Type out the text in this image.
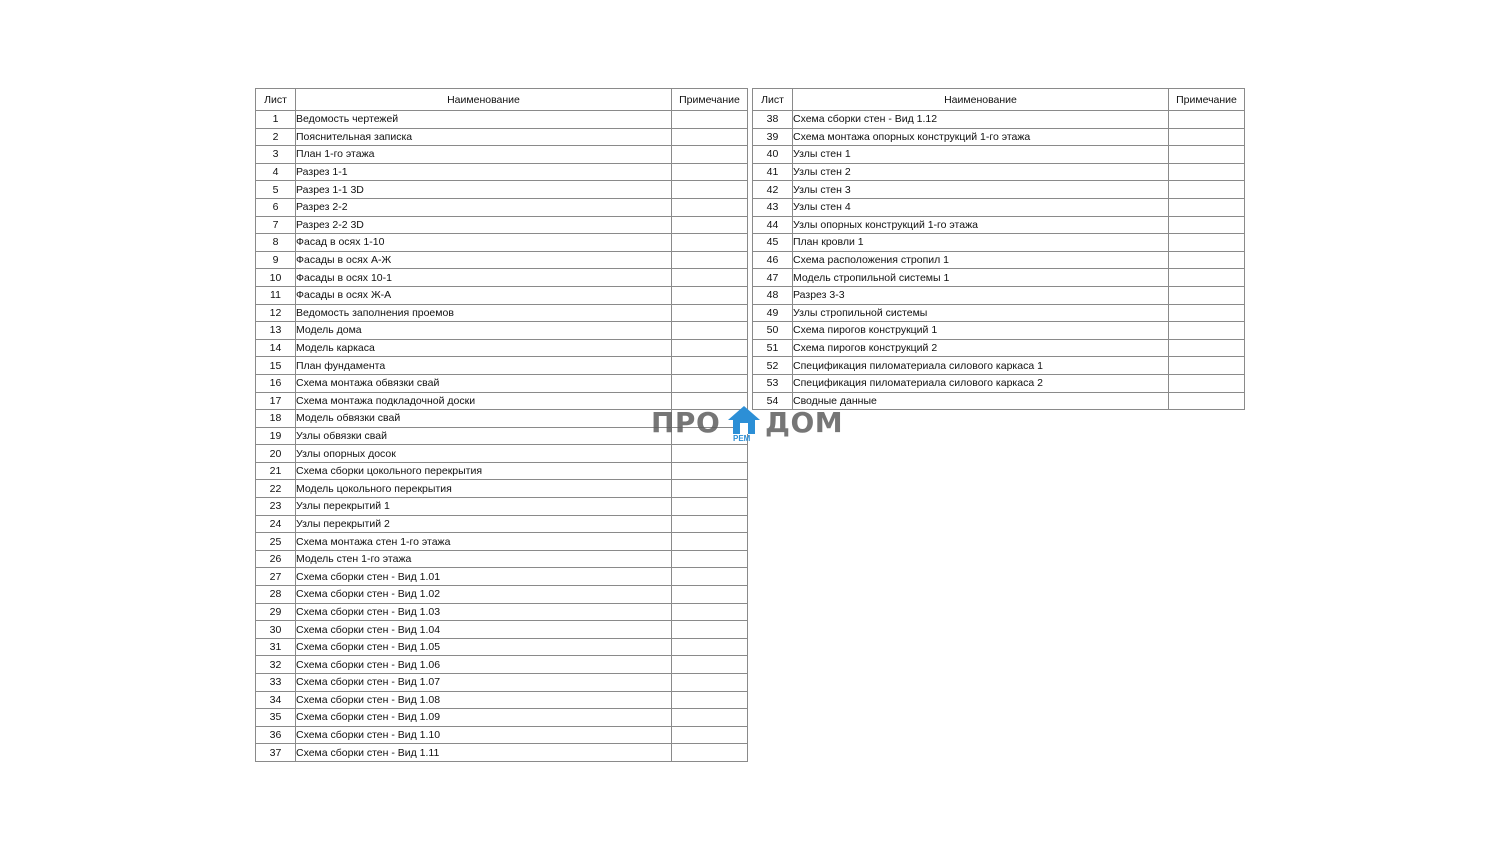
Лист	Наименование	Примечание
1	Ведомость чертежей	
2	Пояснительная записка	
3	План 1-го этажа	
4	Разрез 1-1	
5	Разрез 1-1 3D	
6	Разрез 2-2	
7	Разрез 2-2 3D	
8	Фасад в осях 1-10	
9	Фасады в осях А-Ж	
10	Фасады в осях 10-1	
11	Фасады в осях Ж-А	
12	Ведомость заполнения проемов	
13	Модель дома	
14	Модель каркаса	
15	План фундамента	
16	Схема монтажа обвязки свай	
17	Схема монтажа подкладочной доски	
18	Модель обвязки свай	
19	Узлы обвязки свай	
20	Узлы опорных досок	
21	Схема сборки цокольного перекрытия	
22	Модель цокольного перекрытия	
23	Узлы перекрытий 1	
24	Узлы перекрытий 2	
25	Схема монтажа стен 1-го этажа	
26	Модель стен 1-го этажа	
27	Схема сборки стен - Вид 1.01	
28	Схема сборки стен - Вид 1.02	
29	Схема сборки стен - Вид 1.03	
30	Схема сборки стен - Вид 1.04	
31	Схема сборки стен - Вид 1.05	
32	Схема сборки стен - Вид 1.06	
33	Схема сборки стен - Вид 1.07	
34	Схема сборки стен - Вид 1.08	
35	Схема сборки стен - Вид 1.09	
36	Схема сборки стен - Вид 1.10	
37	Схема сборки стен - Вид 1.11	
Лист	Наименование	Примечание
38	Схема сборки стен - Вид 1.12	
39	Схема монтажа опорных конструкций 1-го этажа	
40	Узлы стен 1	
41	Узлы стен 2	
42	Узлы стен 3	
43	Узлы стен 4	
44	Узлы опорных конструкций 1-го этажа	
45	План кровли 1	
46	Схема расположения стропил 1	
47	Модель стропильной системы 1	
48	Разрез 3-3	
49	Узлы стропильной системы	
50	Схема пирогов конструкций 1	
51	Схема пирогов конструкций 2	
52	Спецификация пиломатериала силового каркаса 1	
53	Спецификация пиломатериала силового каркаса 2	
54	Сводные данные	
ПРО ДОМ
РЕМ
